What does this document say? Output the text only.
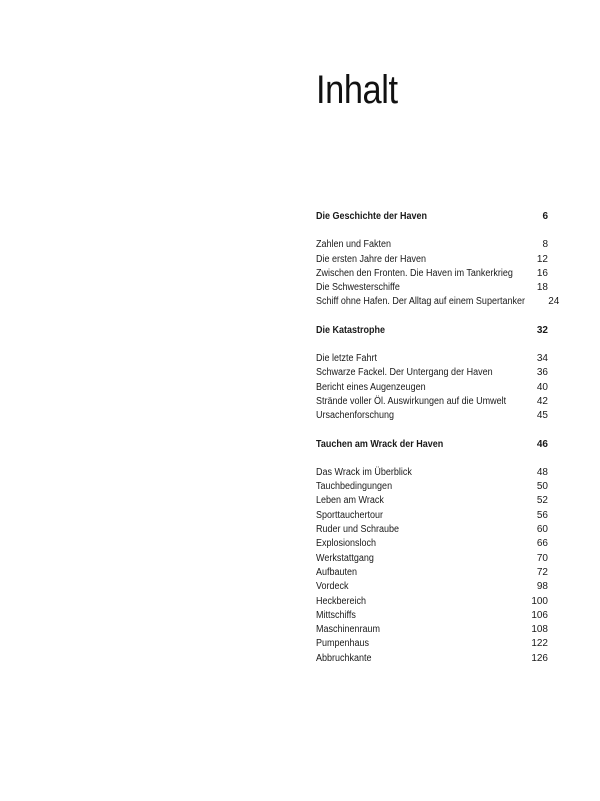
Inhalt
Die Geschichte der Haven	6
Zahlen und Fakten	8
Die ersten Jahre der Haven	12
Zwischen den Fronten. Die Haven im Tankerkrieg 16
Die Schwesterschiffe	18
Schiff ohne Hafen. Der Alltag auf einem Supertanker 24
Die Katastrophe	32
Die letzte Fahrt	34
Schwarze Fackel. Der Untergang der Haven	36
Bericht eines Augenzeugen	40
Strände voller Öl. Auswirkungen auf die Umwelt	42
Ursachenforschung	45
Tauchen am Wrack der Haven	46
Das Wrack im Überblick	48
Tauchbedingungen	50
Leben am Wrack	52
Sporttauchertour	56
Ruder und Schraube	60
Explosionsloch	66
Werkstattgang	70
Aufbauten	72
Vordeck	98
Heckbereich	100
Mittschiffs	106
Maschinenraum	108
Pumpenhaus	122
Abbruchkante	126
